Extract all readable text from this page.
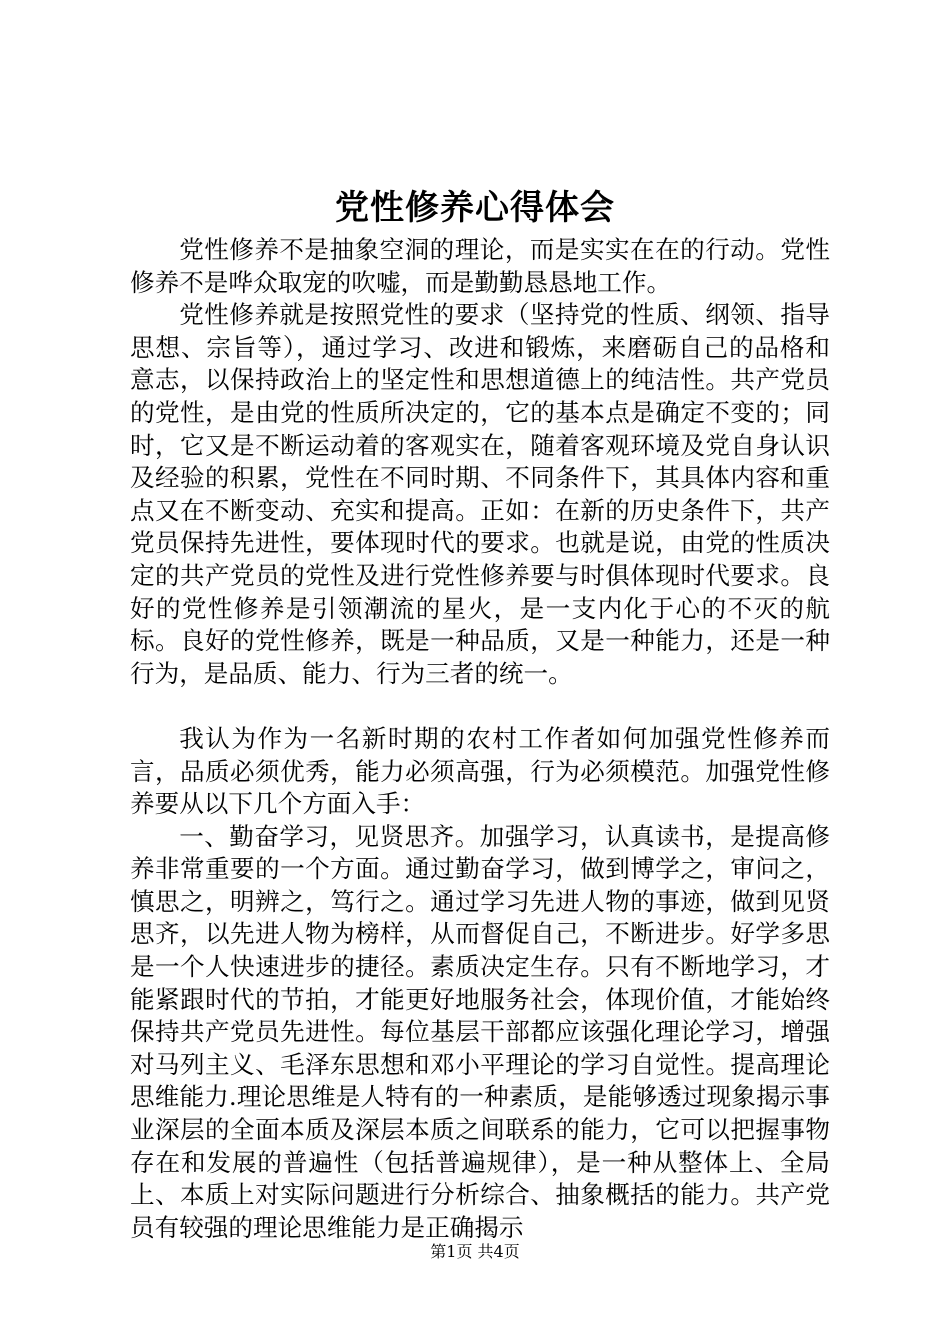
党性修养心得体会

党性修养不是抽象空洞的理论，而是实实在在的行动。党性修养不是哗众取宠的吹嘘，而是勤勤恳恳地工作。

党性修养就是按照党性的要求（坚持党的性质、纲领、指导思想、宗旨等），通过学习、改进和锻炼，来磨砺自己的品格和意志，以保持政治上的坚定性和思想道德上的纯洁性。共产党员的党性，是由党的性质所决定的，它的基本点是确定不变的；同时，它又是不断运动着的客观实在，随着客观环境及党自身认识及经验的积累，党性在不同时期、不同条件下，其具体内容和重点又在不断变动、充实和提高。正如：在新的历史条件下，共产党员保持先进性，要体现时代的要求。也就是说，由党的性质决定的共产党员的党性及进行党性修养要与时俱体现时代要求。良好的党性修养是引领潮流的星火，是一支内化于心的不灭的航标。良好的党性修养，既是一种品质，又是一种能力，还是一种行为，是品质、能力、行为三者的统一。

我认为作为一名新时期的农村工作者如何加强党性修养而言，品质必须优秀，能力必须高强，行为必须模范。加强党性修养要从以下几个方面入手：

一、勤奋学习，见贤思齐。加强学习，认真读书，是提高修养非常重要的一个方面。通过勤奋学习，做到博学之，审问之，慎思之，明辨之，笃行之。通过学习先进人物的事迹，做到见贤思齐，以先进人物为榜样，从而督促自己，不断进步。好学多思是一个人快速进步的捷径。素质决定生存。只有不断地学习，才能紧跟时代的节拍，才能更好地服务社会，体现价值，才能始终保持共产党员先进性。每位基层干部都应该强化理论学习，增强对马列主义、毛泽东思想和邓小平理论的学习自觉性。提高理论思维能力.理论思维是人特有的一种素质，是能够透过现象揭示事业深层的全面本质及深层本质之间联系的能力，它可以把握事物存在和发展的普遍性（包括普遍规律），是一种从整体上、全局上、本质上对实际问题进行分析综合、抽象概括的能力。共产党员有较强的理论思维能力是正确揭示

第1页 共4页
